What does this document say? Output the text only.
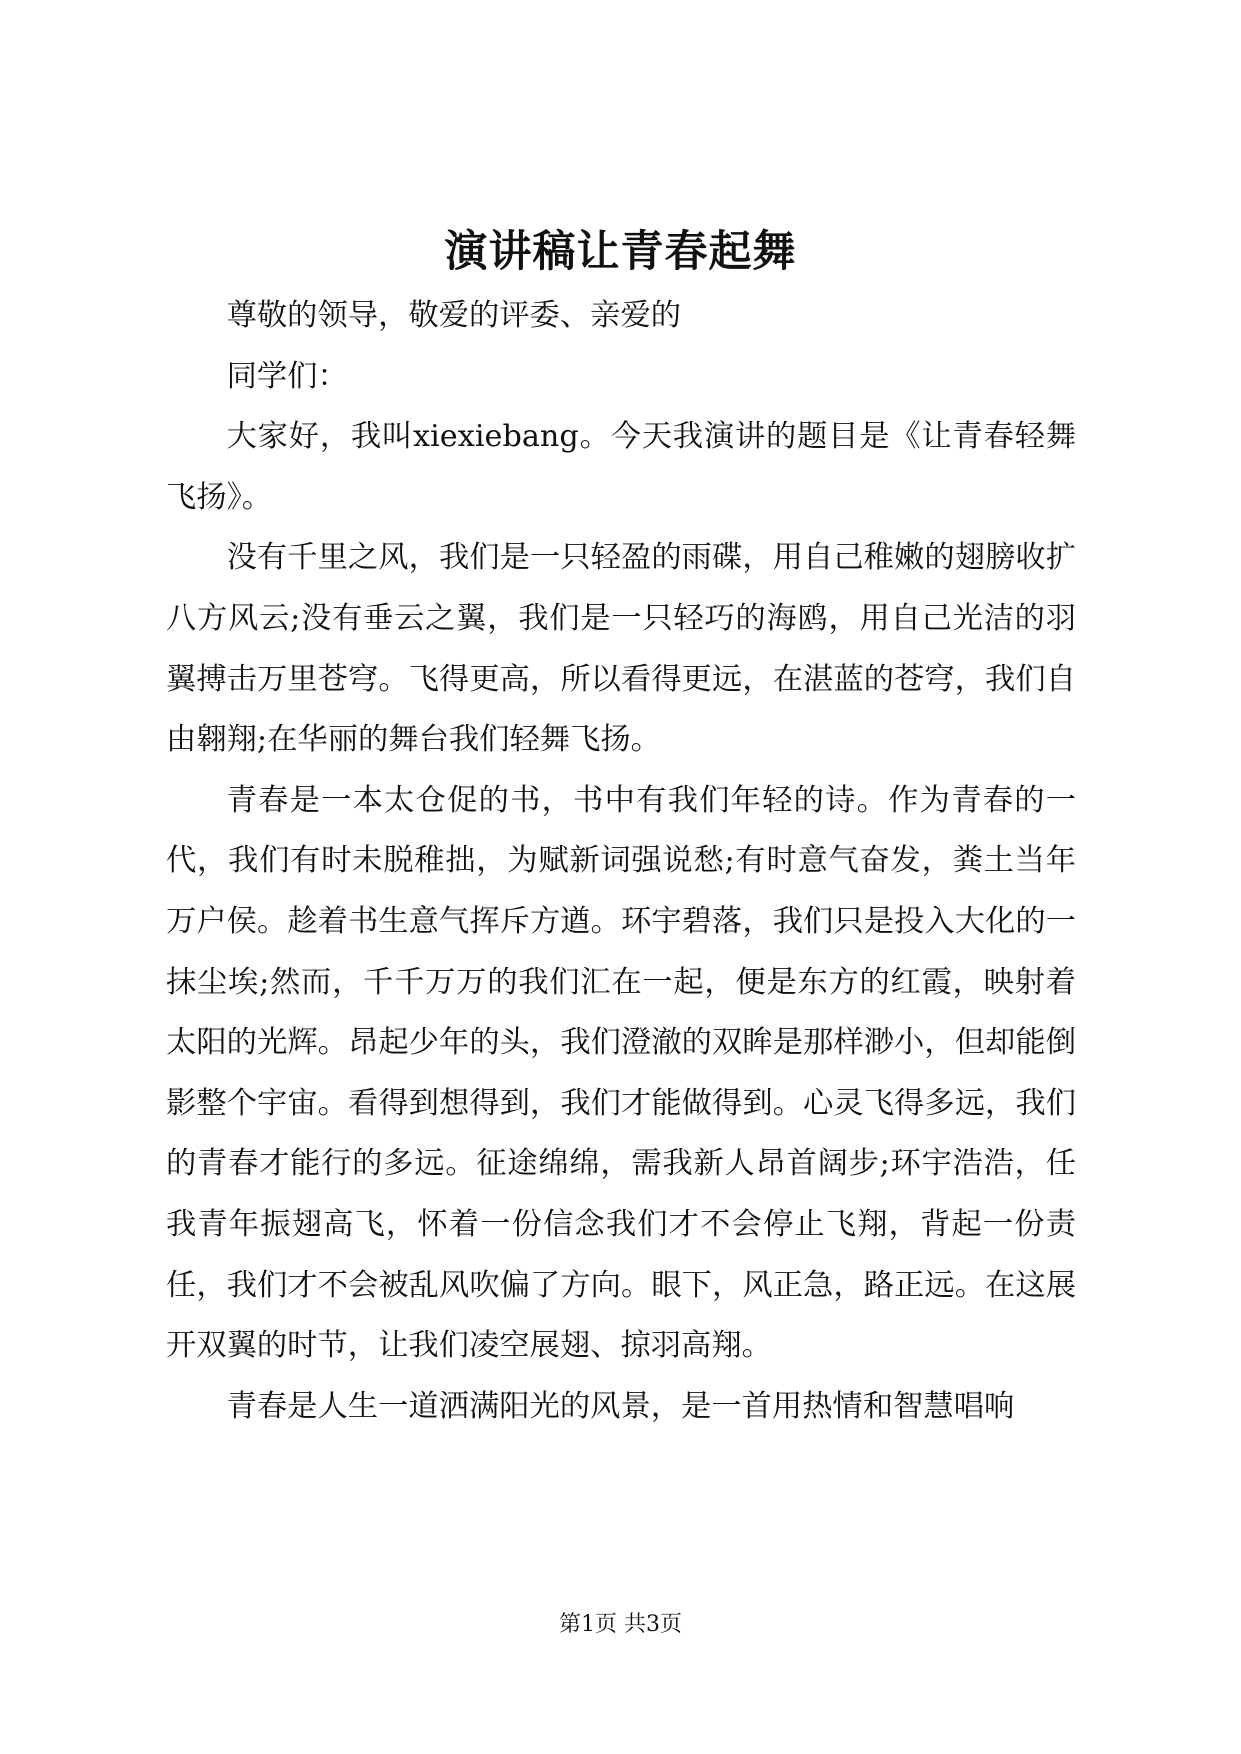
演讲稿让青春起舞

尊敬的领导，敬爱的评委、亲爱的

同学们：

大家好，我叫xiexiebang。今天我演讲的题目是《让青春轻舞飞扬》。

没有千里之风，我们是一只轻盈的雨碟，用自己稚嫩的翅膀收扩八方风云;没有垂云之翼，我们是一只轻巧的海鸥，用自己光洁的羽翼搏击万里苍穹。飞得更高，所以看得更远，在湛蓝的苍穹，我们自由翱翔;在华丽的舞台我们轻舞飞扬。

青春是一本太仓促的书，书中有我们年轻的诗。作为青春的一代，我们有时未脱稚拙，为赋新词强说愁;有时意气奋发，粪土当年万户侯。趁着书生意气挥斥方遒。环宇碧落，我们只是投入大化的一抹尘埃;然而，千千万万的我们汇在一起，便是东方的红霞，映射着太阳的光辉。昂起少年的头，我们澄澈的双眸是那样渺小，但却能倒影整个宇宙。看得到想得到，我们才能做得到。心灵飞得多远，我们的青春才能行的多远。征途绵绵，需我新人昂首阔步;环宇浩浩，任我青年振翅高飞，怀着一份信念我们才不会停止飞翔，背起一份责任，我们才不会被乱风吹偏了方向。眼下，风正急，路正远。在这展开双翼的时节，让我们凌空展翅、掠羽高翔。

青春是人生一道洒满阳光的风景，是一首用热情和智慧唱响

第1页 共3页
